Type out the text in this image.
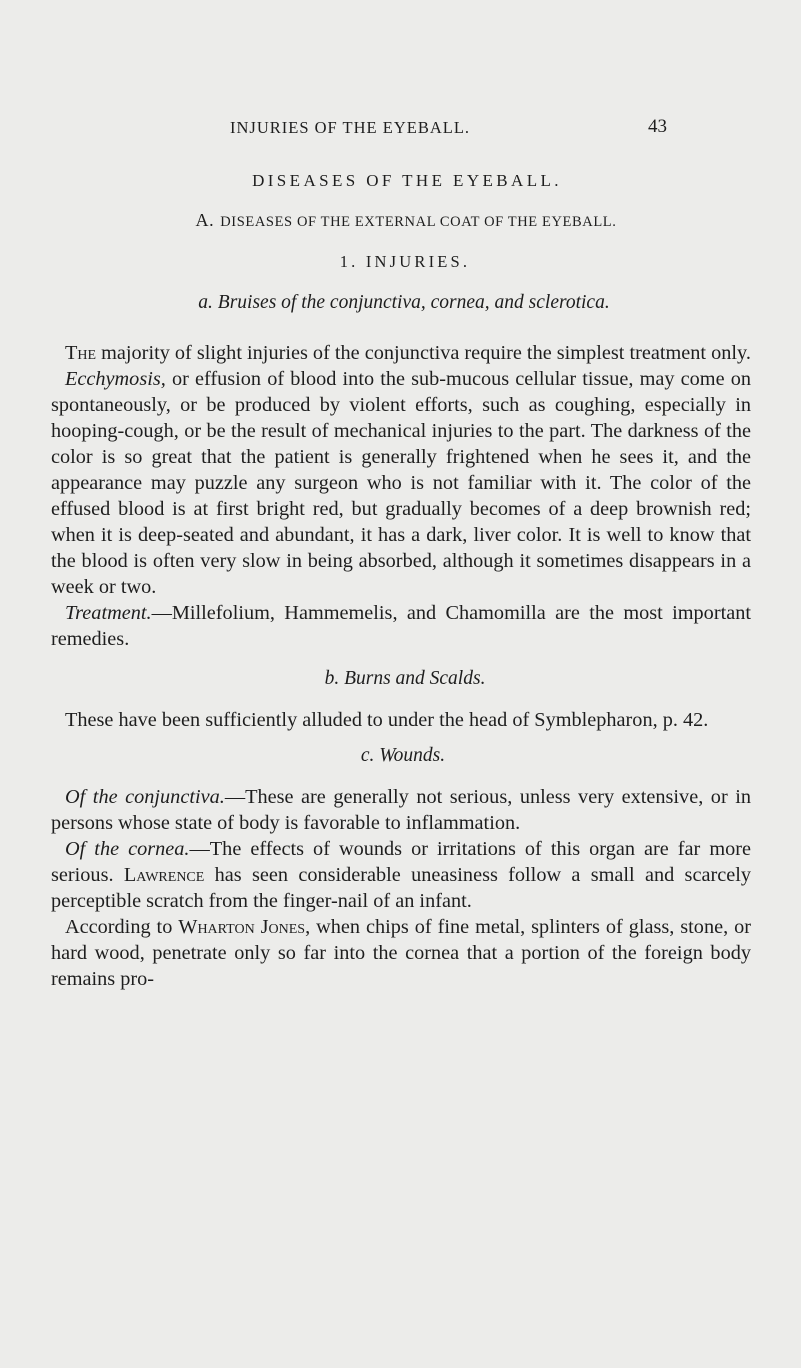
INJURIES OF THE EYEBALL.	43
DISEASES OF THE EYEBALL.
A. DISEASES OF THE EXTERNAL COAT OF THE EYEBALL.
1. INJURIES.
a. Bruises of the conjunctiva, cornea, and sclerotica.

The majority of slight injuries of the conjunctiva require the simplest treatment only.

Ecchymosis, or effusion of blood into the sub-mucous cellular tissue, may come on spontaneously, or be produced by violent efforts, such as coughing, especially in hooping-cough, or be the result of mechanical injuries to the part. The darkness of the color is so great that the patient is generally frightened when he sees it, and the appearance may puzzle any surgeon who is not familiar with it. The color of the effused blood is at first bright red, but gradually becomes of a deep brownish red; when it is deep-seated and abundant, it has a dark, liver color. It is well to know that the blood is often very slow in being absorbed, although it sometimes disappears in a week or two.

Treatment.—Millefolium, Hammemelis, and Chamomilla are the most important remedies.

b. Burns and Scalds.

These have been sufficiently alluded to under the head of Symblepharon, p. 42.

c. Wounds.

Of the conjunctiva.—These are generally not serious, unless very extensive, or in persons whose state of body is favorable to inflammation.

Of the cornea.—The effects of wounds or irritations of this organ are far more serious. Lawrence has seen considerable uneasiness follow a small and scarcely perceptible scratch from the finger-nail of an infant.

According to Wharton Jones, when chips of fine metal, splinters of glass, stone, or hard wood, penetrate only so far into the cornea that a portion of the foreign body remains pro-
